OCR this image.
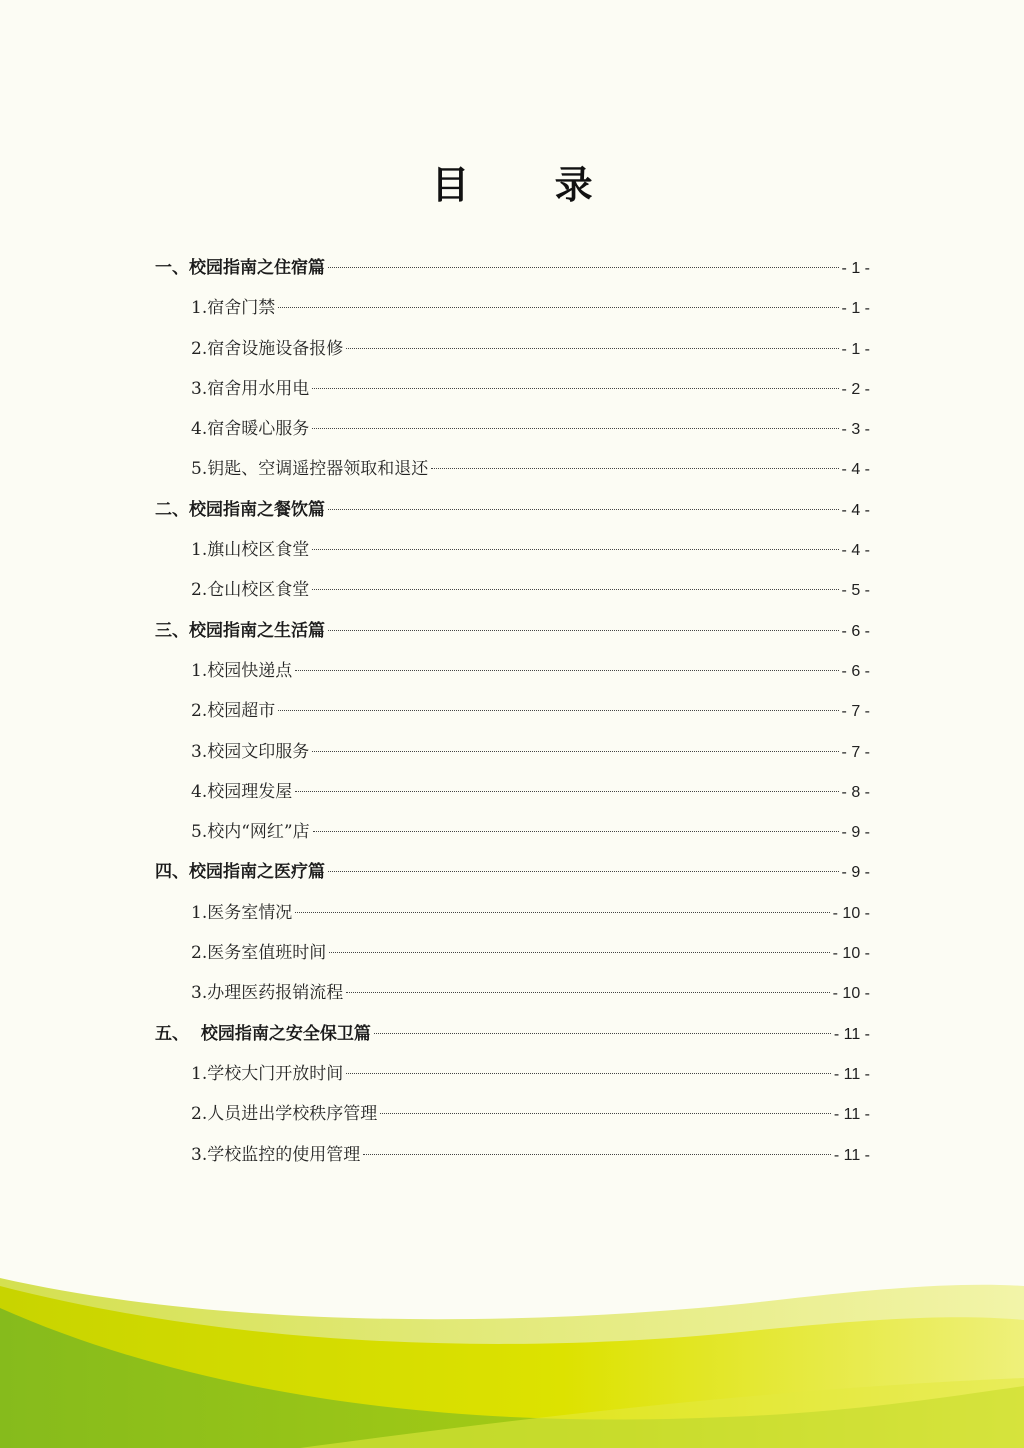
目 录
一、校园指南之住宿篇	- 1 -
1.宿舍门禁	- 1 -
2.宿舍设施设备报修	- 1 -
3.宿舍用水用电	- 2 -
4.宿舍暖心服务	- 3 -
5.钥匙、空调遥控器领取和退还	- 4 -
二、校园指南之餐饮篇	- 4 -
1.旗山校区食堂	- 4 -
2.仓山校区食堂	- 5 -
三、校园指南之生活篇	- 6 -
1.校园快递点	- 6 -
2.校园超市	- 7 -
3.校园文印服务	- 7 -
4.校园理发屋	- 8 -
5.校内“网红”店	- 9 -
四、校园指南之医疗篇	- 9 -
1.医务室情况	- 10 -
2.医务室值班时间	- 10 -
3.办理医药报销流程	- 10 -
五、  校园指南之安全保卫篇	- 11 -
1.学校大门开放时间	- 11 -
2.人员进出学校秩序管理	- 11 -
3.学校监控的使用管理	- 11 -
